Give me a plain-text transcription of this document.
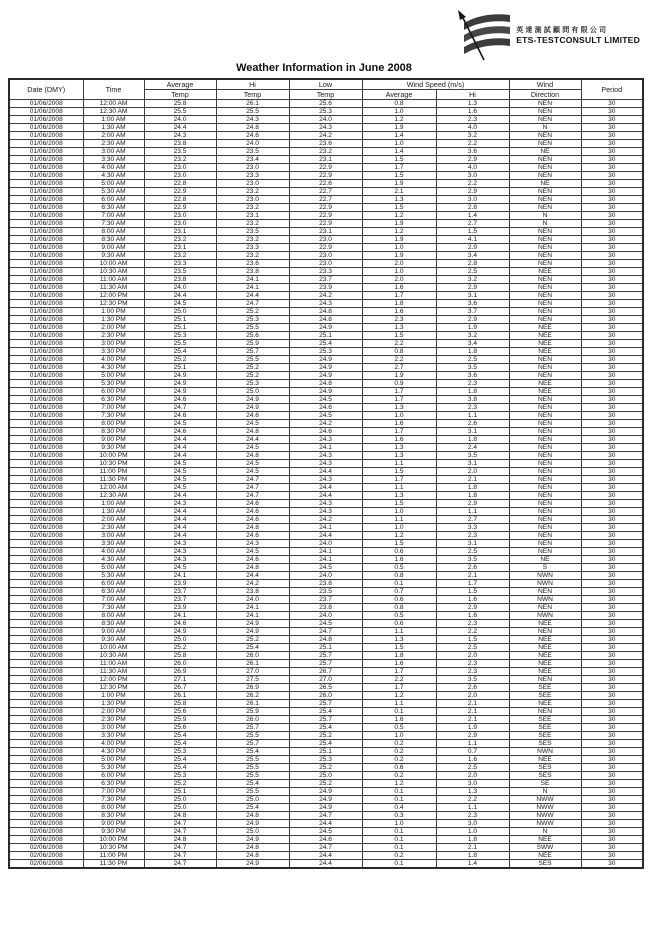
英達測試顧問有限公司
ETS-TESTCONSULT LIMITED
Weather Information in June 2008
Date (DMY)	Time	Average	Hi	Low	Wind Speed (m/s)		Wind	Period
		Temp	Temp	Temp	Average	Hi	Direction	
01/06/2008	12:00 AM	25.8	26.1	25.6	0.8	1.3	NEN	30
01/06/2008	12:30 AM	25.5	25.5	25.3	1.0	1.6	NEN	30
01/06/2008	1:00 AM	24.0	24.3	24.0	1.2	2.3	NEN	30
01/06/2008	1:30 AM	24.4	24.8	24.3	1.9	4.0	N	30
01/06/2008	2:00 AM	24.3	24.6	24.2	1.4	3.2	NEN	30
01/06/2008	2:30 AM	23.8	24.0	23.6	1.0	2.2	NEN	30
01/06/2008	3:00 AM	23.5	23.5	23.2	1.4	3.6	NE	30
01/06/2008	3:30 AM	23.2	23.4	23.1	1.5	2.9	NEN	30
01/06/2008	4:00 AM	23.0	23.0	22.9	1.7	4.0	NEN	30
01/06/2008	4:30 AM	23.0	23.3	22.9	1.5	3.0	NEN	30
01/06/2008	5:00 AM	22.8	23.0	22.6	1.9	2.2	NE	30
01/06/2008	5:30 AM	22.9	23.2	22.7	2.1	2.9	NEN	30
01/06/2008	6:00 AM	22.8	23.0	22.7	1.3	3.0	NEN	30
01/06/2008	6:30 AM	22.9	23.2	22.9	1.5	2.8	NEN	30
01/06/2008	7:00 AM	23.0	23.1	22.9	1.2	1.4	N	30
01/06/2008	7:30 AM	23.0	23.2	22.9	1.9	2.7	N	30
01/06/2008	8:00 AM	23.1	23.5	23.1	1.2	1.5	NEN	30
01/06/2008	8:30 AM	23.2	23.2	23.0	1.9	4.1	NEN	30
01/06/2008	9:00 AM	23.1	23.3	22.9	1.0	2.9	NEN	30
01/06/2008	9:30 AM	23.2	23.2	23.0	1.9	3.4	NEN	30
01/06/2008	10:00 AM	23.3	23.6	23.0	2.0	2.8	NEN	30
01/06/2008	10:30 AM	23.5	23.8	23.3	1.0	2.5	NEE	30
01/06/2008	11:00 AM	23.8	24.1	23.7	2.0	3.2	NEN	30
01/06/2008	11:30 AM	24.0	24.1	23.9	1.6	2.9	NEN	30
01/06/2008	12:00 PM	24.4	24.4	24.2	1.7	3.1	NEN	30
01/06/2008	12:30 PM	24.5	24.7	24.3	1.8	3.6	NEN	30
01/06/2008	1:00 PM	25.0	25.2	24.8	1.6	3.7	NEN	30
01/06/2008	1:30 PM	25.1	25.3	24.8	2.3	2.9	NEN	30
01/06/2008	2:00 PM	25.1	25.5	24.9	1.3	1.9	NEE	30
01/06/2008	2:30 PM	25.3	25.6	25.1	1.5	3.2	NEE	30
01/06/2008	3:00 PM	25.5	25.9	25.4	2.2	3.4	NEE	30
01/06/2008	3:30 PM	25.4	25.7	25.3	0.8	1.8	NEE	30
01/06/2008	4:00 PM	25.2	25.5	24.9	2.2	2.5	NEN	30
01/06/2008	4:30 PM	25.1	25.2	24.9	2.7	3.5	NEN	30
01/06/2008	5:00 PM	24.9	25.2	24.9	1.9	3.6	NEN	30
01/06/2008	5:30 PM	24.9	25.3	24.8	0.9	2.3	NEE	30
01/06/2008	6:00 PM	24.9	25.0	24.9	1.7	1.8	NEE	30
01/06/2008	6:30 PM	24.6	24.9	24.5	1.7	3.8	NEN	30
01/06/2008	7:00 PM	24.7	24.9	24.6	1.3	2.3	NEN	30
01/06/2008	7:30 PM	24.6	24.6	24.5	1.0	1.1	NEN	30
01/06/2008	8:00 PM	24.5	24.5	24.2	1.6	2.6	NEN	30
01/06/2008	8:30 PM	24.6	24.8	24.6	1.7	3.1	NEN	30
01/06/2008	9:00 PM	24.4	24.4	24.3	1.6	1.8	NEN	30
01/06/2008	9:30 PM	24.4	24.5	24.1	1.3	2.4	NEN	30
01/06/2008	10:00 PM	24.4	24.8	24.3	1.3	3.5	NEN	30
01/06/2008	10:30 PM	24.5	24.5	24.3	1.1	3.1	NEN	30
01/06/2008	11:00 PM	24.5	24.5	24.4	1.5	2.0	NEN	30
01/06/2008	11:30 PM	24.5	24.7	24.3	1.7	2.1	NEN	30
02/06/2008	12:00 AM	24.5	24.7	24.4	1.1	1.8	NEN	30
02/06/2008	12:30 AM	24.4	24.7	24.4	1.3	1.8	NEN	30
02/06/2008	1:00 AM	24.3	24.6	24.3	1.5	2.9	NEN	30
02/06/2008	1:30 AM	24.4	24.6	24.3	1.0	1.1	NEN	30
02/06/2008	2:00 AM	24.4	24.6	24.2	1.1	2.7	NEN	30
02/06/2008	2:30 AM	24.4	24.8	24.1	1.0	3.3	NEN	30
02/06/2008	3:00 AM	24.4	24.6	24.4	1.2	2.3	NEN	30
02/06/2008	3:30 AM	24.3	24.3	24.0	1.5	3.1	NEN	30
02/06/2008	4:00 AM	24.3	24.5	24.1	0.6	2.5	NEN	30
02/06/2008	4:30 AM	24.3	24.6	24.1	1.6	3.5	NE	30
02/06/2008	5:00 AM	24.5	24.8	24.5	0.5	2.6	S	30
02/06/2008	5:30 AM	24.1	24.4	24.0	0.8	2.1	NWN	30
02/06/2008	6:00 AM	23.9	24.2	23.8	0.1	1.7	NWN	30
02/06/2008	6:30 AM	23.7	23.8	23.5	0.7	1.5	NEN	30
02/06/2008	7:00 AM	23.7	24.0	23.7	0.6	1.6	NWN	30
02/06/2008	7:30 AM	23.9	24.1	23.8	0.8	2.9	NEN	30
02/06/2008	8:00 AM	24.1	24.1	24.0	0.5	1.6	NWN	30
02/06/2008	8:30 AM	24.6	24.9	24.5	0.6	2.3	NEE	30
02/06/2008	9:00 AM	24.9	24.9	24.7	1.1	2.2	NEN	30
02/06/2008	9:30 AM	25.0	25.2	24.8	1.3	1.5	NEE	30
02/06/2008	10:00 AM	25.2	25.4	25.1	1.5	2.5	NEE	30
02/06/2008	10:30 AM	25.8	26.0	25.7	1.8	2.0	NEE	30
02/06/2008	11:00 AM	26.0	26.1	25.7	1.6	2.3	NEE	30
02/06/2008	11:30 AM	26.9	27.0	26.7	1.7	2.3	NEE	30
02/06/2008	12:00 PM	27.1	27.5	27.0	2.2	3.5	NEN	30
02/06/2008	12:30 PM	26.7	26.9	26.5	1.7	2.6	SEE	30
02/06/2008	1:00 PM	26.1	26.2	26.0	1.2	2.0	SEE	30
02/06/2008	1:30 PM	25.8	26.1	25.7	1.1	2.1	NEE	30
02/06/2008	2:00 PM	25.6	25.9	25.4	0.1	2.1	NEN	30
02/06/2008	2:30 PM	25.9	26.0	25.7	1.6	2.1	SEE	30
02/06/2008	3:00 PM	25.6	25.7	25.4	0.5	1.9	SEE	30
02/06/2008	3:30 PM	25.4	25.5	25.2	1.0	2.9	SEE	30
02/06/2008	4:00 PM	25.4	25.7	25.4	0.2	1.1	SES	30
02/06/2008	4:30 PM	25.3	25.4	25.1	0.2	0.7	NWN	30
02/06/2008	5:00 PM	25.4	25.5	25.3	0.2	1.6	NEE	30
02/06/2008	5:30 PM	25.4	25.5	25.2	0.6	2.5	SES	30
02/06/2008	6:00 PM	25.3	25.5	25.0	0.2	2.0	SES	30
02/06/2008	6:30 PM	25.2	25.4	25.2	1.2	3.0	SE	30
02/06/2008	7:00 PM	25.1	25.5	24.9	0.1	1.3	N	30
02/06/2008	7:30 PM	25.0	25.0	24.9	0.1	2.2	NWW	30
02/06/2008	8:00 PM	25.0	25.4	24.9	0.4	1.1	NWW	30
02/06/2008	8:30 PM	24.8	24.8	24.7	0.3	2.3	NWW	30
02/06/2008	9:00 PM	24.7	24.9	24.4	1.0	3.0	NWW	30
02/06/2008	9:30 PM	24.7	25.0	24.5	0.1	1.0	N	30
02/06/2008	10:00 PM	24.8	24.9	24.6	0.1	1.8	NEE	30
02/06/2008	10:30 PM	24.7	24.8	24.7	0.1	2.1	SWW	30
02/06/2008	11:00 PM	24.7	24.8	24.4	0.2	1.8	NEE	30
02/06/2008	11:30 PM	24.7	24.9	24.4	0.1	1.4	SES	30
